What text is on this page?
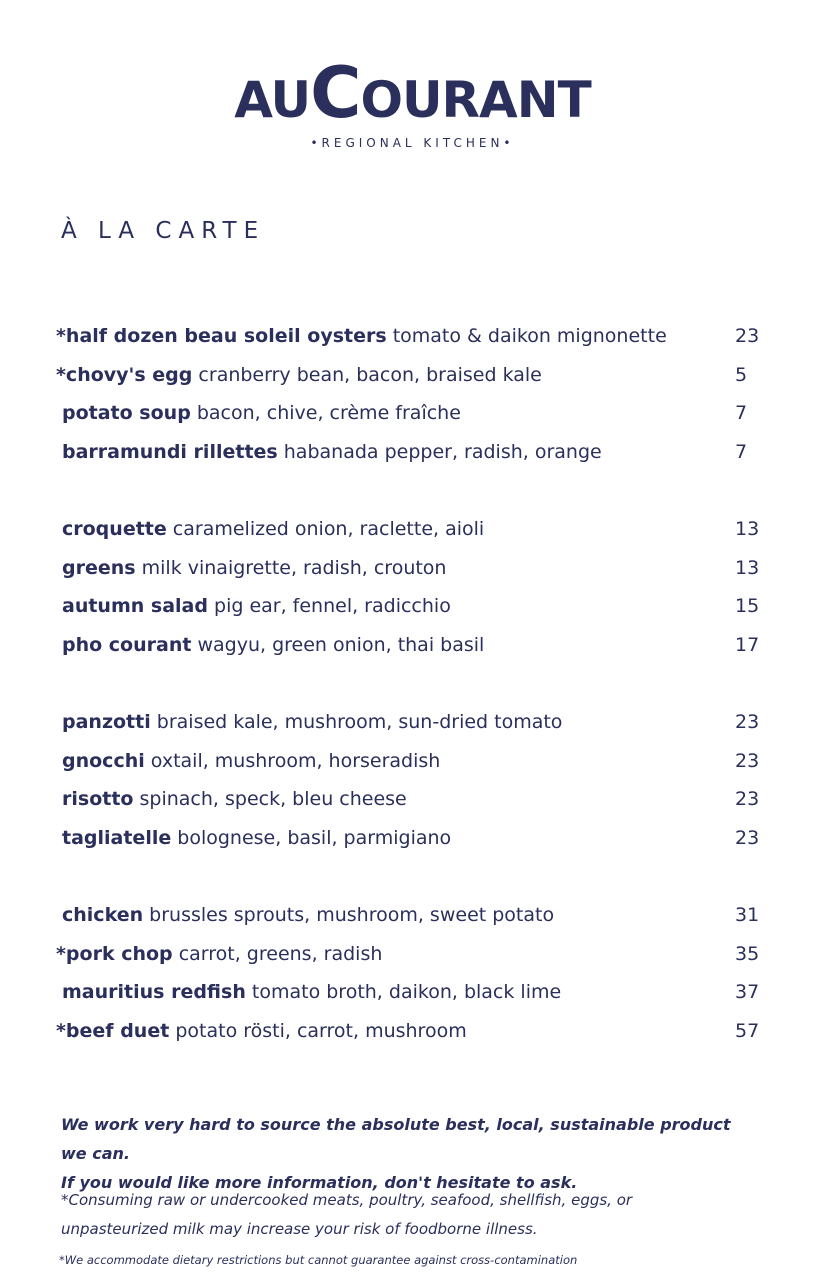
AUCOURANT
•REGIONAL KITCHEN•
À LA CARTE
*half dozen beau soleil oysters tomato & daikon mignonette	23
*chovy's egg cranberry bean, bacon, braised kale	5
potato soup bacon, chive, crème fraîche	7
barramundi rillettes habanada pepper, radish, orange	7
croquette caramelized onion, raclette, aioli	13
greens milk vinaigrette, radish, crouton	13
autumn salad pig ear, fennel, radicchio	15
pho courant wagyu, green onion, thai basil	17
panzotti braised kale, mushroom, sun-dried tomato	23
gnocchi oxtail, mushroom, horseradish	23
risotto spinach, speck, bleu cheese	23
tagliatelle bolognese, basil, parmigiano	23
chicken brussles sprouts, mushroom, sweet potato	31
*pork chop carrot, greens, radish	35
mauritius redfish tomato broth, daikon, black lime	37
*beef duet potato rösti, carrot, mushroom	57
We work very hard to source the absolute best, local, sustainable product we can.
If you would like more information, don't hesitate to ask.
*Consuming raw or undercooked meats, poultry, seafood, shellfish, eggs, or unpasteurized milk may increase your risk of foodborne illness.
*We accommodate dietary restrictions but cannot guarantee against cross-contamination
